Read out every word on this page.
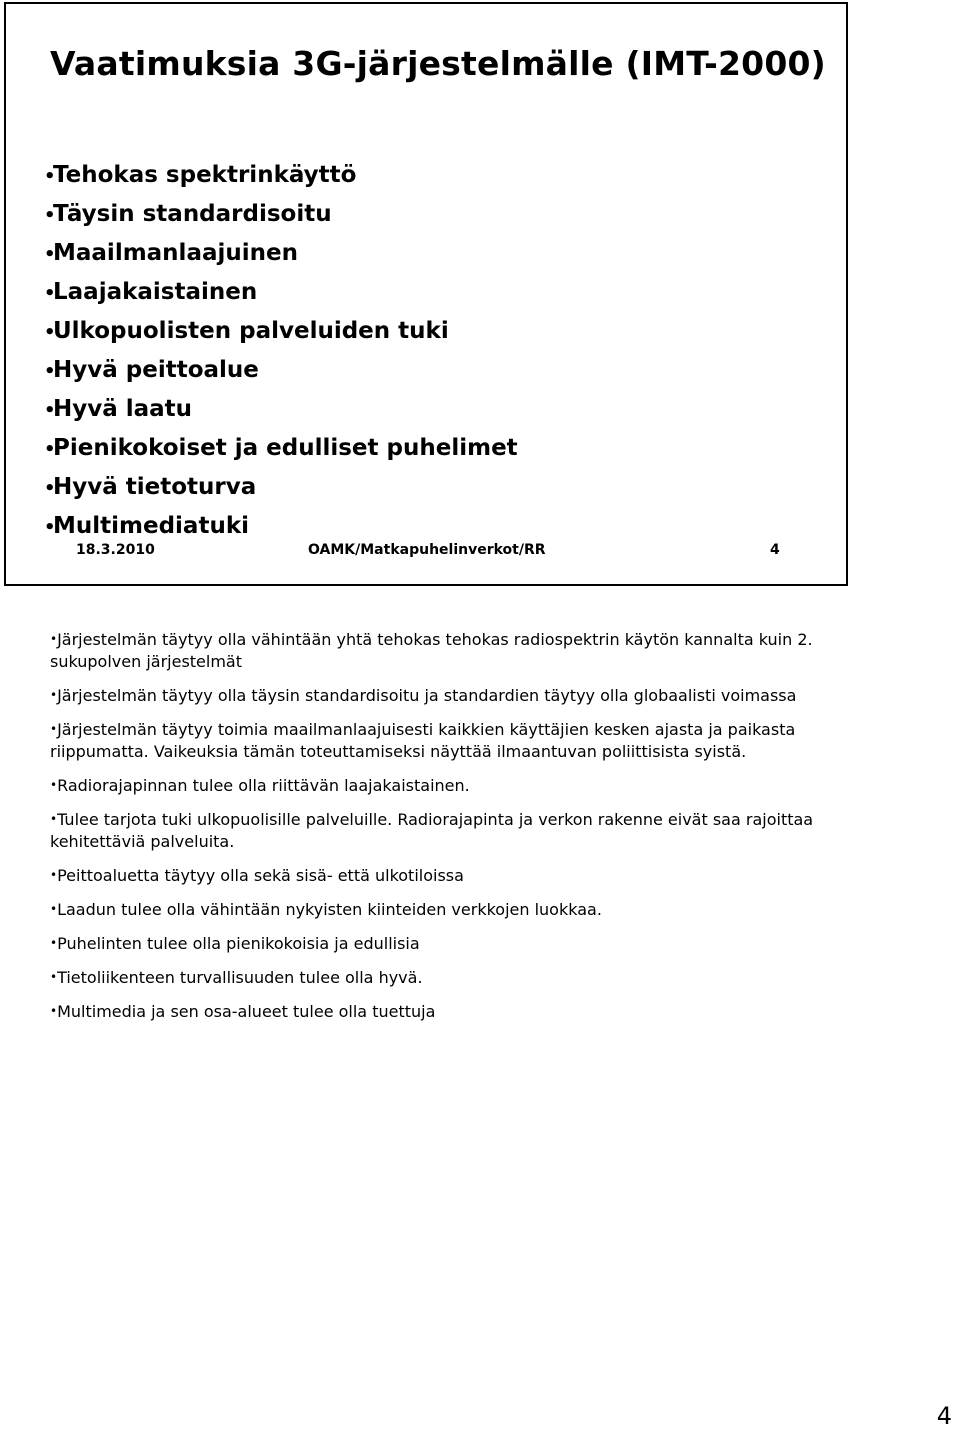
Vaatimuksia 3G-järjestelmälle (IMT-2000)
•Tehokas spektrinkäyttö
•Täysin standardisoitu
•Maailmanlaajuinen
•Laajakaistainen
•Ulkopuolisten palveluiden tuki
•Hyvä peittoalue
•Hyvä laatu
•Pienikokoiset ja edulliset puhelimet
•Hyvä tietoturva
•Multimediatuki
18.3.2010	OAMK/Matkapuhelinverkot/RR	4

•Järjestelmän täytyy olla vähintään yhtä tehokas tehokas radiospektrin käytön kannalta kuin 2. sukupolven järjestelmät

•Järjestelmän täytyy olla täysin standardisoitu ja standardien täytyy olla globaalisti voimassa

•Järjestelmän täytyy toimia maailmanlaajuisesti kaikkien käyttäjien kesken ajasta ja paikasta riippumatta. Vaikeuksia tämän toteuttamiseksi näyttää ilmaantuvan poliittisista syistä.

•Radiorajapinnan tulee olla riittävän laajakaistainen.

•Tulee tarjota tuki ulkopuolisille palveluille. Radiorajapinta ja verkon rakenne eivät saa rajoittaa kehitettäviä palveluita.

•Peittoaluetta täytyy olla sekä sisä- että ulkotiloissa

•Laadun tulee olla vähintään nykyisten kiinteiden verkkojen luokkaa.

•Puhelinten tulee olla pienikokoisia ja edullisia

•Tietoliikenteen turvallisuuden tulee olla hyvä.

•Multimedia ja sen osa-alueet tulee olla tuettuja

4
